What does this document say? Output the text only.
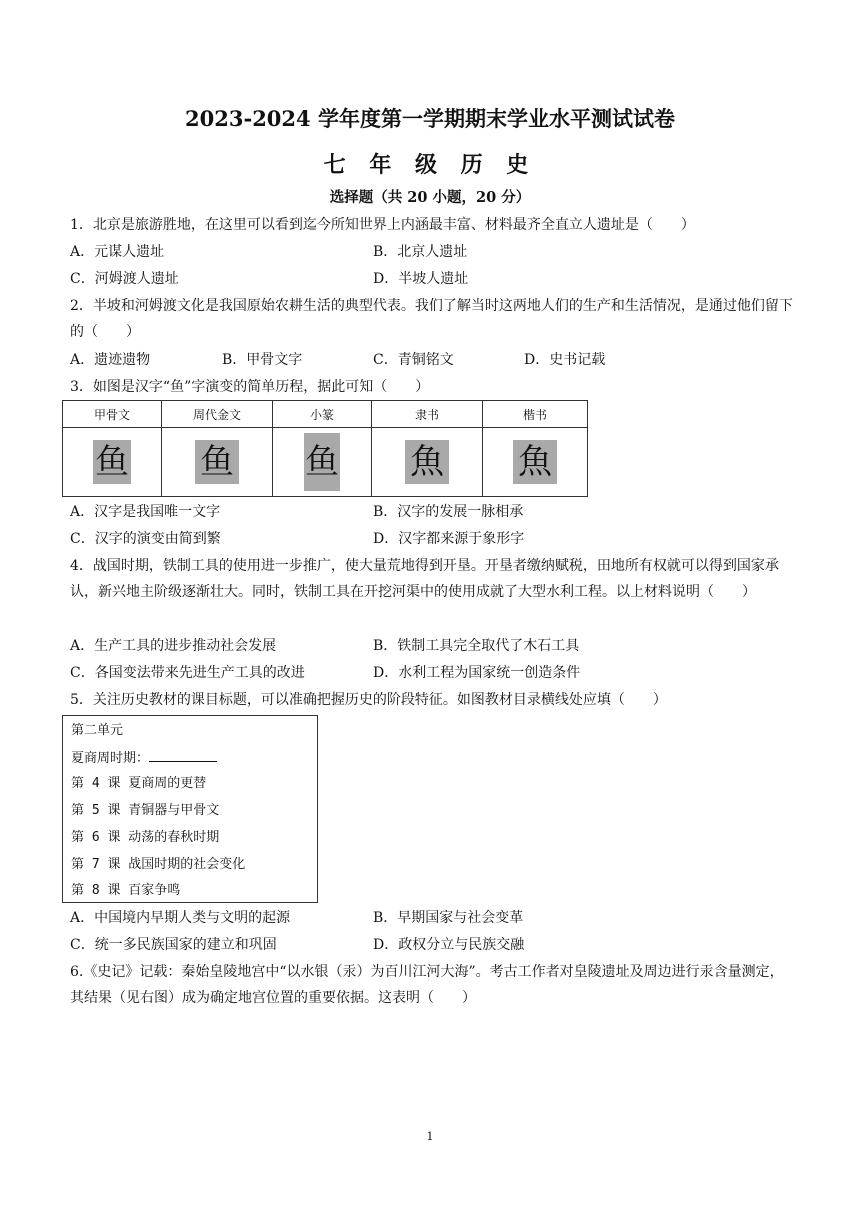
2023-2024 学年度第一学期期末学业水平测试试卷
七 年 级 历 史
选择题（共 20 小题，20 分）
1．北京是旅游胜地，在这里可以看到迄今所知世界上内涵最丰富、材料最齐全直立人遗址是（　　）
A．元谋人遗址	B．北京人遗址
C．河姆渡人遗址	D．半坡人遗址
2．半坡和河姆渡文化是我国原始农耕生活的典型代表。我们了解当时这两地人们的生产和生活情况，是通过他们留下的（　　）
A．遗迹遗物	B．甲骨文字	C．青铜铭文	D．史书记载
3．如图是汉字“鱼”字演变的简单历程，据此可知（　　）
甲骨文	周代金文	小篆	隶书	楷书
鱼	鱼	鱼	魚	魚
A．汉字是我国唯一文字	B．汉字的发展一脉相承
C．汉字的演变由简到繁	D．汉字都来源于象形字
4．战国时期，铁制工具的使用进一步推广，使大量荒地得到开垦。开垦者缴纳赋税，田地所有权就可以得到国家承认，新兴地主阶级逐渐壮大。同时，铁制工具在开挖河渠中的使用成就了大型水利工程。以上材料说明（　　）
A．生产工具的进步推动社会发展	B．铁制工具完全取代了木石工具
C．各国变法带来先进生产工具的改进	D．水利工程为国家统一创造条件
5．关注历史教材的课目标题，可以准确把握历史的阶段特征。如图教材目录横线处应填（　　）
第二单元
夏商周时期：
第 4 课 夏商周的更替
第 5 课 青铜器与甲骨文
第 6 课 动荡的春秋时期
第 7 课 战国时期的社会变化
第 8 课 百家争鸣
A．中国境内早期人类与文明的起源	B．早期国家与社会变革
C．统一多民族国家的建立和巩固	D．政权分立与民族交融
6.《史记》记载：秦始皇陵地宫中“以水银（汞）为百川江河大海”。考古工作者对皇陵遗址及周边进行汞含量测定，其结果（见右图）成为确定地宫位置的重要依据。这表明（　　）
1
